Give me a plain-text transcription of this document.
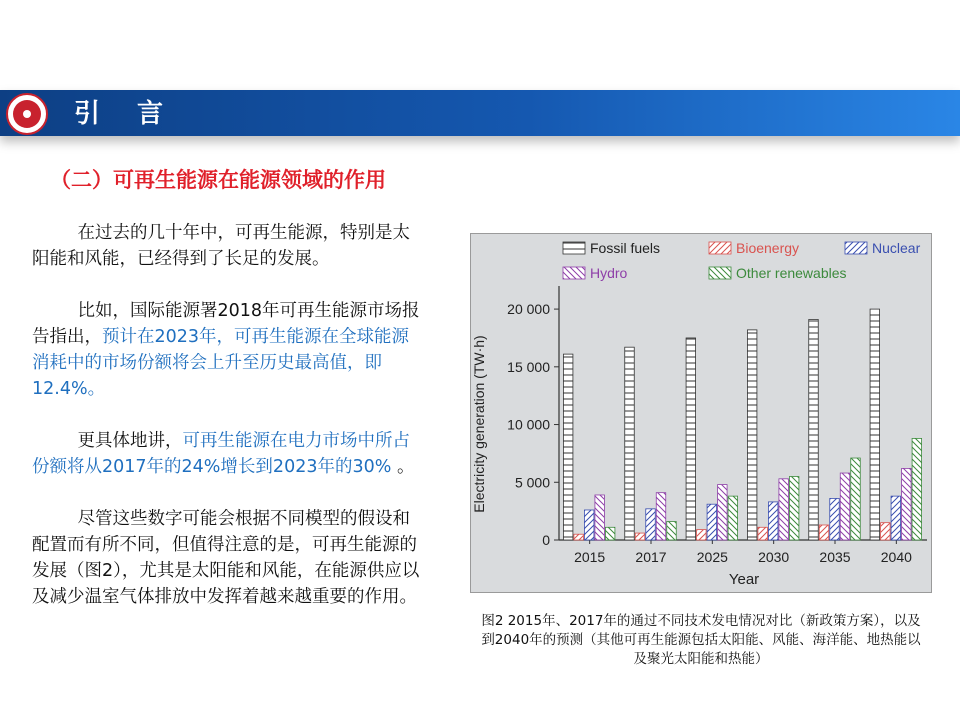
引 言
（二）可再生能源在能源领域的作用

在过去的几十年中，可再生能源，特别是太阳能和风能，已经得到了长足的发展。

比如，国际能源署2018年可再生能源市场报告指出，预计在2023年，可再生能源在全球能源消耗中的市场份额将会上升至历史最高值，即12.4%。

更具体地讲，可再生能源在电力市场中所占份额将从2017年的24%增长到2023年的30% 。

尽管这些数字可能会根据不同模型的假设和配置而有所不同，但值得注意的是，可再生能源的发展（图2），尤其是太阳能和风能，在能源供应以及减少温室气体排放中发挥着越来越重要的作用。

Fossil fuels	Bioenergy	Nuclear
Hydro	Other renewables
0
5 000
10 000
15 000
20 000
2015 2017 2025 2030 2035 2040
Electricity generation (TW·h)
Year
图2 2015年、2017年的通过不同技术发电情况对比（新政策方案），以及到2040年的预测（其他可再生能源包括太阳能、风能、海洋能、地热能以及聚光太阳能和热能）
